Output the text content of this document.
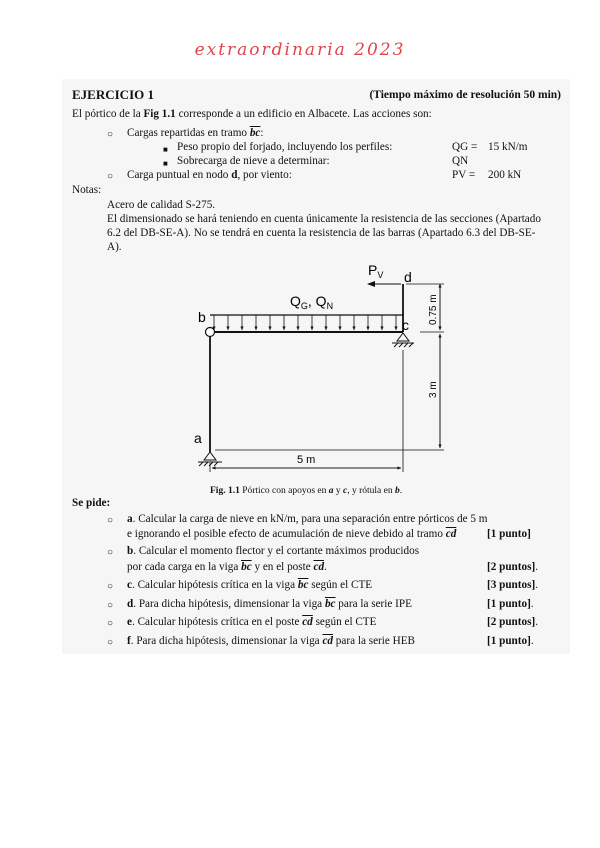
extraordinaria 2023
EJERCICIO 1	(Tiempo máximo de resolución 50 min)
El pórtico de la Fig 1.1 corresponde a un edificio en Albacete. Las acciones son:
○ Cargas repartidas en tramo $\overline{bc}$:
■ Peso propio del forjado, incluyendo los perfiles:	QG = 15 kN/m
■ Sobrecarga de nieve a determinar:	QN
○ Carga puntual en nodo d, por viento:	PV = 200 kN
Notas:
Acero de calidad S-275.
El dimensionado se hará teniendo en cuenta únicamente la resistencia de las secciones (Apartado
6.2 del DB-SE-A). No se tendrá en cuenta la resistencia de las barras (Apartado 6.3 del DB-SE-
A).
$P_V$ d
$Q_G$, $Q_N$
b	c
a
5 m
0.75 m
3 m
Fig. 1.1 Pórtico con apoyos en a y c, y rótula en b.
Se pide:
○ a. Calcular la carga de nieve en kN/m, para una separación entre pórticos de 5 m
e ignorando el posible efecto de acumulación de nieve debido al tramo $\overline{cd}$	[1 punto]
○ b. Calcular el momento flector y el cortante máximos producidos
por cada carga en la viga $\overline{bc}$ y en el poste $\overline{cd}$.	[2 puntos].
○ c. Calcular hipótesis crítica en la viga $\overline{bc}$ según el CTE	[3 puntos].
○ d. Para dicha hipótesis, dimensionar la viga $\overline{bc}$ para la serie IPE	[1 punto].
○ e. Calcular hipótesis crítica en el poste $\overline{cd}$ según el CTE	[2 puntos].
○ f. Para dicha hipótesis, dimensionar la viga $\overline{cd}$ para la serie HEB	[1 punto].
